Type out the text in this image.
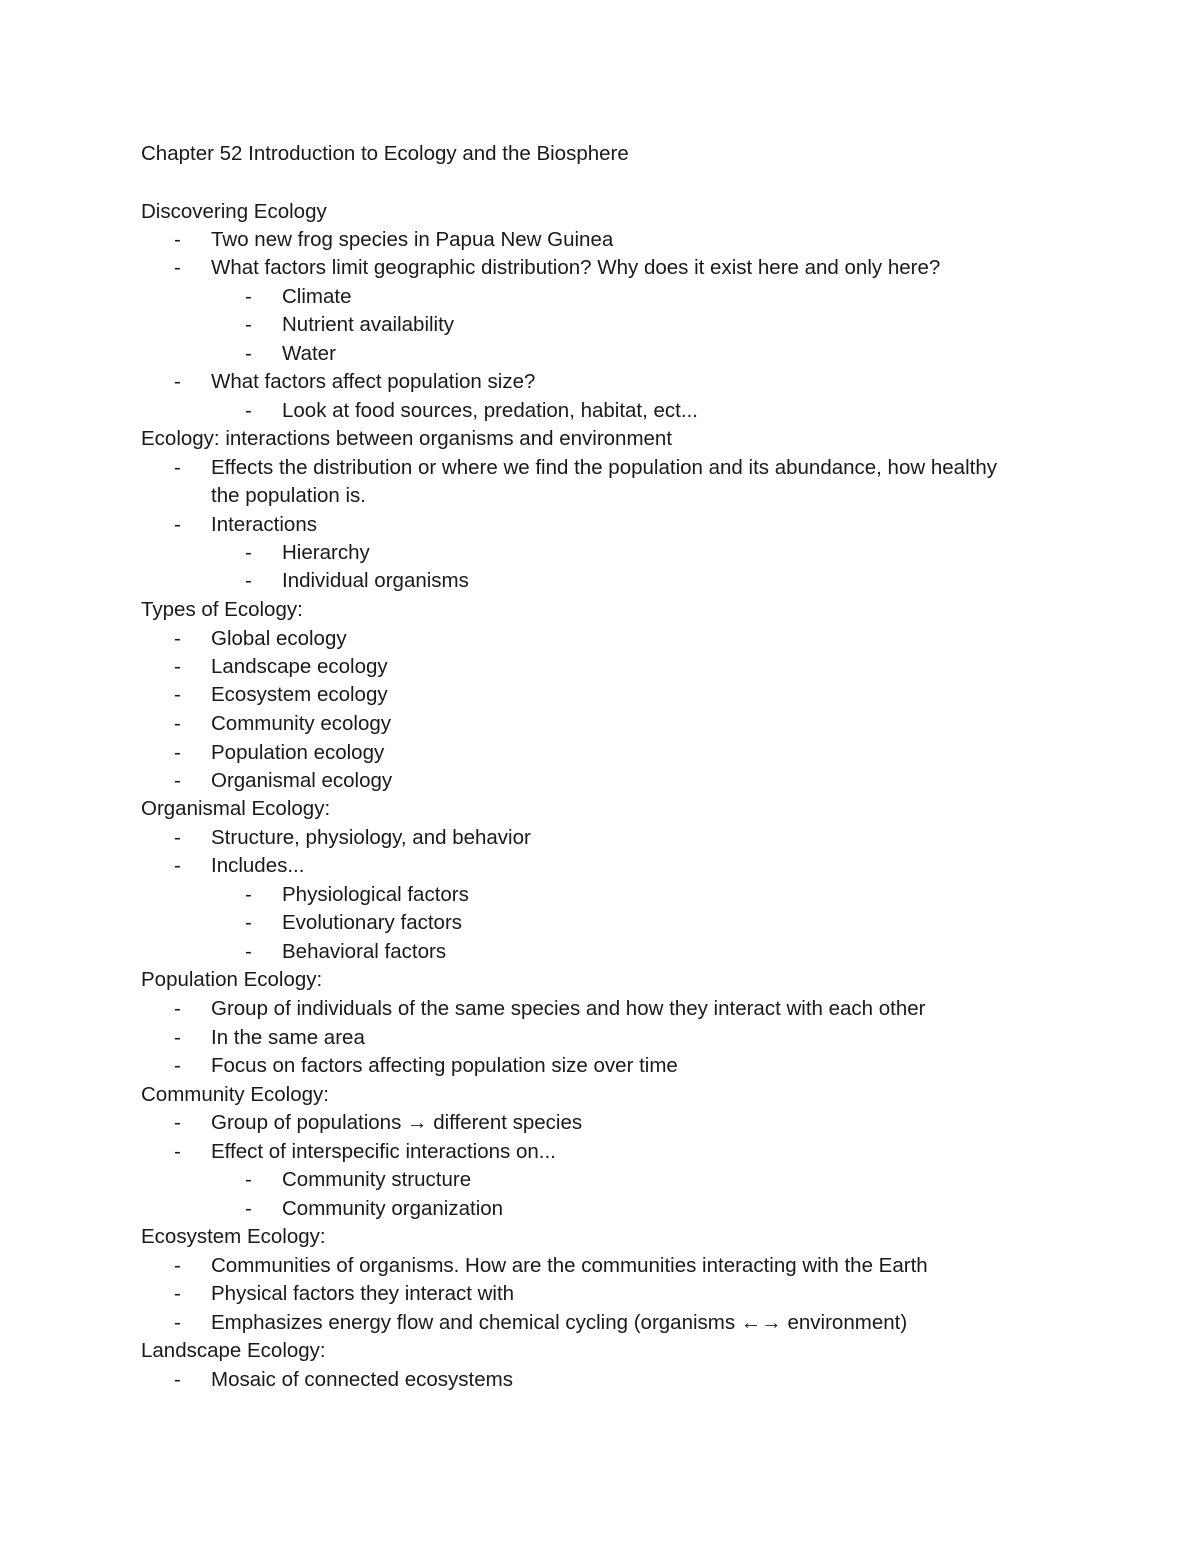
Chapter 52 Introduction to Ecology and the Biosphere
Discovering Ecology
- Two new frog species in Papua New Guinea
- What factors limit geographic distribution? Why does it exist here and only here?
- Climate
- Nutrient availability
- Water
- What factors affect population size?
- Look at food sources, predation, habitat, ect...
Ecology: interactions between organisms and environment
- Effects the distribution or where we find the population and its abundance, how healthy
the population is.
- Interactions
- Hierarchy
- Individual organisms
Types of Ecology:
- Global ecology
- Landscape ecology
- Ecosystem ecology
- Community ecology
- Population ecology
- Organismal ecology
Organismal Ecology:
- Structure, physiology, and behavior
- Includes...
- Physiological factors
- Evolutionary factors
- Behavioral factors
Population Ecology:
- Group of individuals of the same species and how they interact with each other
- In the same area
- Focus on factors affecting population size over time
Community Ecology:
- Group of populations → different species
- Effect of interspecific interactions on...
- Community structure
- Community organization
Ecosystem Ecology:
- Communities of organisms. How are the communities interacting with the Earth
- Physical factors they interact with
- Emphasizes energy flow and chemical cycling (organisms ←→ environment)
Landscape Ecology:
- Mosaic of connected ecosystems
